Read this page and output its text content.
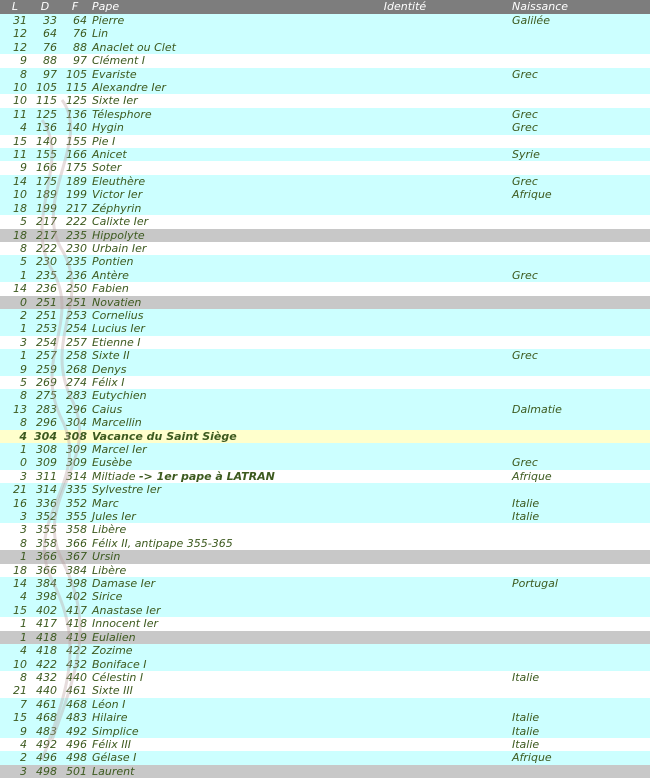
L	D	F	Pape	Identité	Naissance
31	33	64	Pierre		Galilée
12	64	76	Lin		
12	76	88	Anaclet ou Clet		
9	88	97	Clément I		
8	97	105	Evariste		Grec
10	105	115	Alexandre Ier		
10	115	125	Sixte Ier		
11	125	136	Télesphore		Grec
4	136	140	Hygin		Grec
15	140	155	Pie I		
11	155	166	Anicet		Syrie
9	166	175	Soter		
14	175	189	Eleuthère		Grec
10	189	199	Victor Ier		Afrique
18	199	217	Zéphyrin		
5	217	222	Calixte Ier		
18	217	235	Hippolyte		
8	222	230	Urbain Ier		
5	230	235	Pontien		
1	235	236	Antère		Grec
14	236	250	Fabien		
0	251	251	Novatien		
2	251	253	Cornelius		
1	253	254	Lucius Ier		
3	254	257	Etienne I		
1	257	258	Sixte II		Grec
9	259	268	Denys		
5	269	274	Félix I		
8	275	283	Eutychien		
13	283	296	Caius		Dalmatie
8	296	304	Marcellin		
4	304	308	Vacance du Saint Siège		
1	308	309	Marcel Ier		
0	309	309	Eusèbe		Grec
3	311	314	Miltiade -> 1er pape à LATRAN		Afrique
21	314	335	Sylvestre Ier		
16	336	352	Marc		Italie
3	352	355	Jules Ier		Italie
3	355	358	Libère		
8	358	366	Félix II, antipape 355-365		
1	366	367	Ursin		
18	366	384	Libère		
14	384	398	Damase Ier		Portugal
4	398	402	Sirice		
15	402	417	Anastase Ier		
1	417	418	Innocent Ier		
1	418	419	Eulalien		
4	418	422	Zozime		
10	422	432	Boniface I		
8	432	440	Célestin I		Italie
21	440	461	Sixte III		
7	461	468	Léon I		
15	468	483	Hilaire		Italie
9	483	492	Simplice		Italie
4	492	496	Félix III		Italie
2	496	498	Gélase I		Afrique
3	498	501	Laurent		
